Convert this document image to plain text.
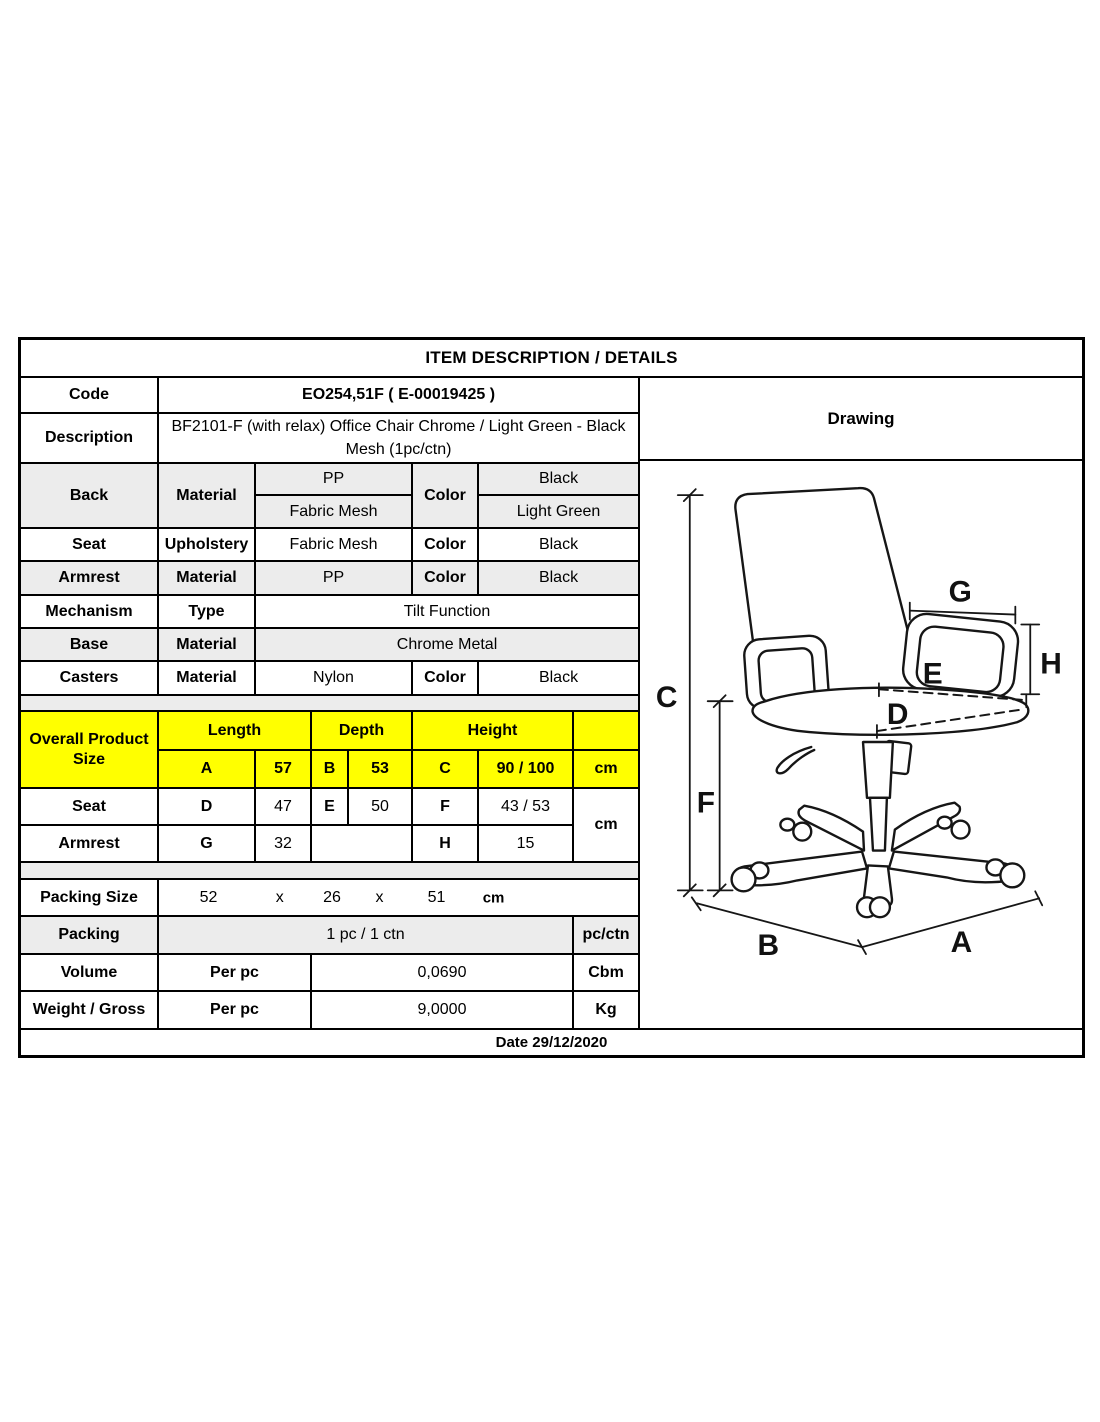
ITEM DESCRIPTION / DETAILS
Code	EO254,51F ( E-00019425 )						
Description	BF2101-F (with relax) Office Chair Chrome / Light Green - Black Mesh (1pc/ctn)						
Back	Material	PP			Color	Black	
		Fabric Mesh				Light Green	
Seat	Upholstery	Fabric Mesh			Color	Black	
Armrest	Material	PP			Color	Black	
Mechanism	Type	Tilt Function					
Base	Material	Chrome Metal					
Casters	Material	Nylon			Color	Black	

Overall Product Size	Length		Depth		Height		
	A	57	B	53	C	90 / 100	cm
Seat	D	47	E	50	F	43 / 53	cm
Armrest	G	32			H	15	

Packing Size	52	x 26 x	51 cm

Packing	1 pc / 1 ctn						pc/ctn
Volume	Per pc		0,0690				Cbm
Weight / Gross	Per pc		9,0000				Kg
Drawing
C
F
G
H
E
D
B	A
Date 29/12/2020
